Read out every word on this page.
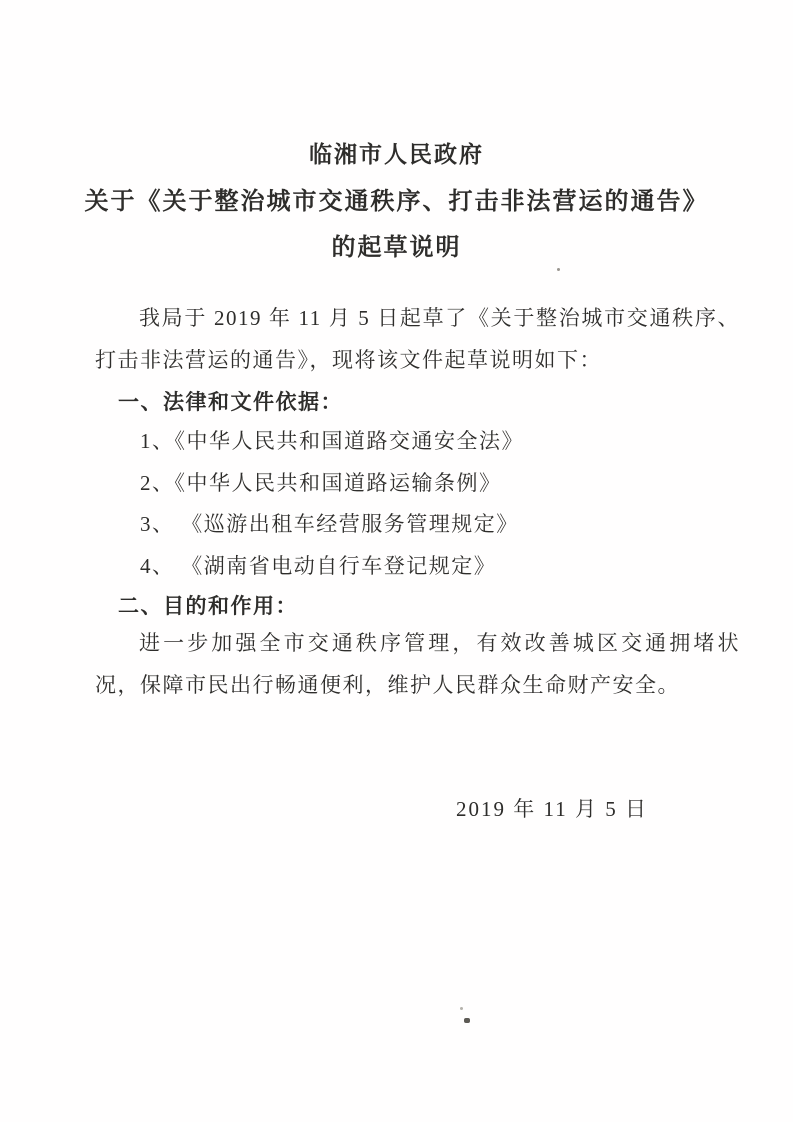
临湘市人民政府
关于《关于整治城市交通秩序、打击非法营运的通告》
的起草说明
我局于 2019 年 11 月 5 日起草了《关于整治城市交通秩序、打击非法营运的通告》，现将该文件起草说明如下：
一、法律和文件依据：
1、《中华人民共和国道路交通安全法》
2、《中华人民共和国道路运输条例》
3、 《巡游出租车经营服务管理规定》
4、 《湖南省电动自行车登记规定》
二、目的和作用：
进一步加强全市交通秩序管理，有效改善城区交通拥堵状况，保障市民出行畅通便利，维护人民群众生命财产安全。
2019 年 11 月 5 日
